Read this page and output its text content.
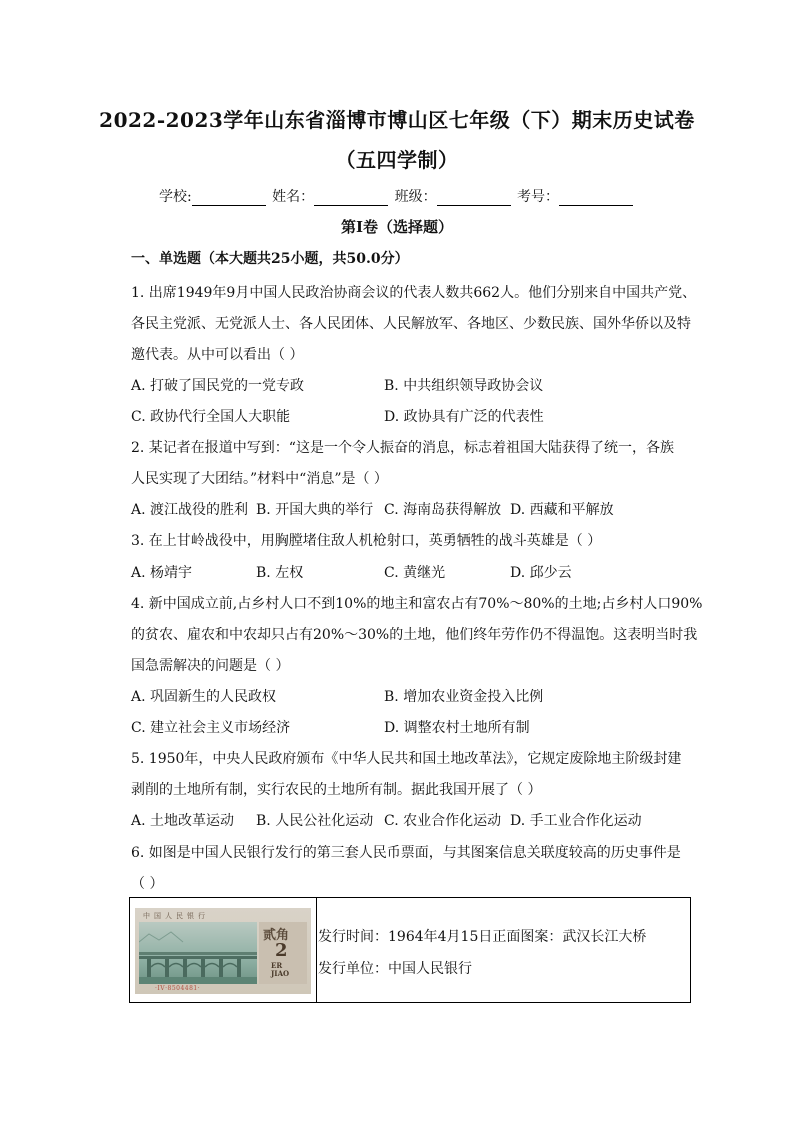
2022-2023学年山东省淄博市博山区七年级（下）期末历史试卷
（五四学制）
学校:	姓名：	班级：	考号：
第I卷（选择题）
一、单选题（本大题共25小题，共50.0分）
1. 出席1949年9月中国人民政治协商会议的代表人数共662人。他们分别来自中国共产党、
各民主党派、无党派人士、各人民团体、人民解放军、各地区、少数民族、国外华侨以及特
邀代表。从中可以看出（ ）
A. 打破了国民党的一党专政	B. 中共组织领导政协会议
C. 政协代行全国人大职能	D. 政协具有广泛的代表性
2. 某记者在报道中写到：“这是一个令人振奋的消息，标志着祖国大陆获得了统一，各族
人民实现了大团结。”材料中“消息”是（ ）
A. 渡江战役的胜利 B. 开国大典的举行 C. 海南岛获得解放 D. 西藏和平解放
3. 在上甘岭战役中，用胸膛堵住敌人机枪射口，英勇牺牲的战斗英雄是（ ）
A. 杨靖宇	B. 左权	C. 黄继光	D. 邱少云
4. 新中国成立前,占乡村人口不到10%的地主和富农占有70%～80%的土地;占乡村人口90%
的贫农、雇农和中农却只占有20%～30%的土地，他们终年劳作仍不得温饱。这表明当时我
国急需解决的问题是（ ）
A. 巩固新生的人民政权	B. 增加农业资金投入比例
C. 建立社会主义市场经济	D. 调整农村土地所有制
5. 1950年，中央人民政府颁布《中华人民共和国土地改革法》，它规定废除地主阶级封建
剥削的土地所有制，实行农民的土地所有制。据此我国开展了（ ）
A. 土地改革运动 B. 人民公社化运动 C. 农业合作化运动 D. 手工业合作化运动
6. 如图是中国人民银行发行的第三套人民币票面，与其图案信息关联度较高的历史事件是
（ ）
中国人民银行
贰角
2
ER
JIAO
·IV·8504481·
发行时间：1964年4月15日正面图案：武汉长江大桥
发行单位：中国人民银行
